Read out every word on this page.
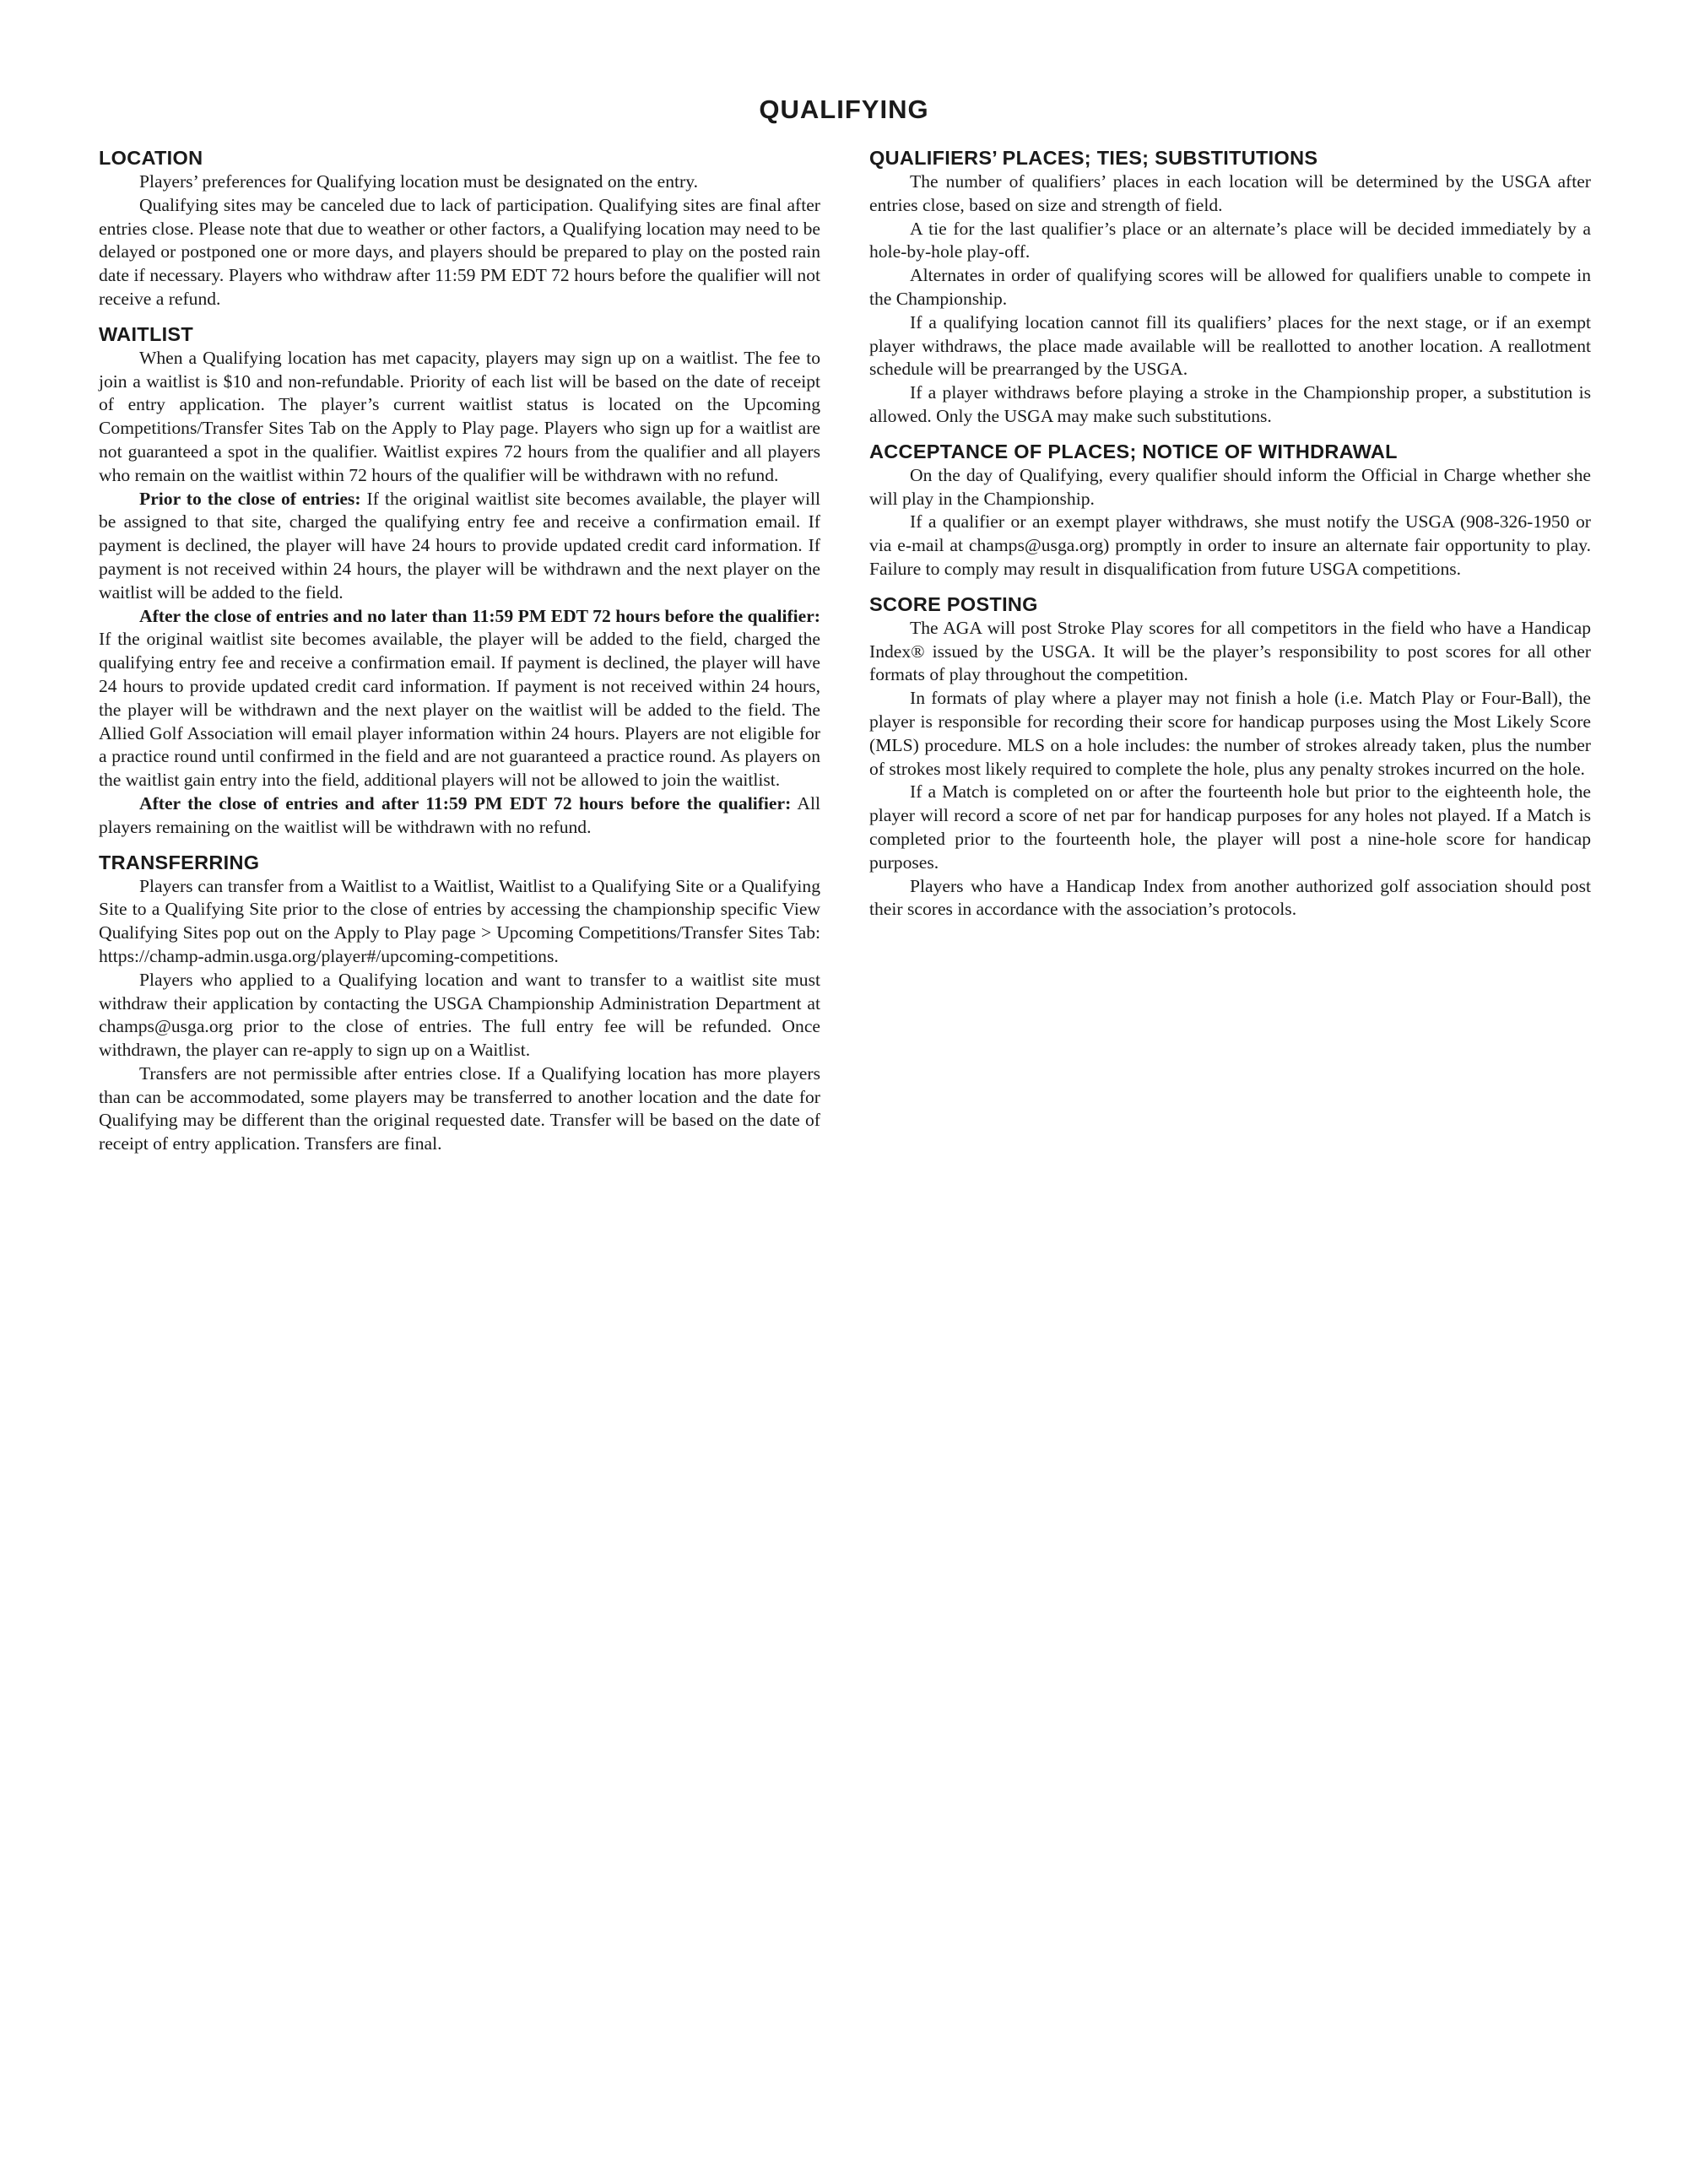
QUALIFYING
LOCATION

Players’ preferences for Qualifying location must be designated on the entry.

Qualifying sites may be canceled due to lack of participation. Qualifying sites are final after entries close. Please note that due to weather or other factors, a Qualifying location may need to be delayed or postponed one or more days, and players should be prepared to play on the posted rain date if necessary. Players who withdraw after 11:59 PM EDT 72 hours before the qualifier will not receive a refund.

WAITLIST

When a Qualifying location has met capacity, players may sign up on a waitlist. The fee to join a waitlist is $10 and non-refundable. Priority of each list will be based on the date of receipt of entry application. The player’s current waitlist status is located on the Upcoming Competitions/Transfer Sites Tab on the Apply to Play page. Players who sign up for a waitlist are not guaranteed a spot in the qualifier. Waitlist expires 72 hours from the qualifier and all players who remain on the waitlist within 72 hours of the qualifier will be withdrawn with no refund.

Prior to the close of entries: If the original waitlist site becomes available, the player will be assigned to that site, charged the qualifying entry fee and receive a confirmation email. If payment is declined, the player will have 24 hours to provide updated credit card information. If payment is not received within 24 hours, the player will be withdrawn and the next player on the waitlist will be added to the field.

After the close of entries and no later than 11:59 PM EDT 72 hours before the qualifier: If the original waitlist site becomes available, the player will be added to the field, charged the qualifying entry fee and receive a confirmation email. If payment is declined, the player will have 24 hours to provide updated credit card information. If payment is not received within 24 hours, the player will be withdrawn and the next player on the waitlist will be added to the field. The Allied Golf Association will email player information within 24 hours. Players are not eligible for a practice round until confirmed in the field and are not guaranteed a practice round. As players on the waitlist gain entry into the field, additional players will not be allowed to join the waitlist.

After the close of entries and after 11:59 PM EDT 72 hours before the qualifier: All players remaining on the waitlist will be withdrawn with no refund.

TRANSFERRING

Players can transfer from a Waitlist to a Waitlist, Waitlist to a Qualifying Site or a Qualifying Site to a Qualifying Site prior to the close of entries by accessing the championship specific View Qualifying Sites pop out on the Apply to Play page > Upcoming Competitions/Transfer Sites Tab: https://champ-admin.usga.org/player#/upcoming-competitions.

Players who applied to a Qualifying location and want to transfer to a waitlist site must withdraw their application by contacting the USGA Championship Administration Department at champs@usga.org prior to the close of entries. The full entry fee will be refunded. Once withdrawn, the player can re-apply to sign up on a Waitlist.

Transfers are not permissible after entries close. If a Qualifying location has more players than can be accommodated, some players may be transferred to another location and the date for Qualifying may be different than the original requested date. Transfer will be based on the date of receipt of entry application. Transfers are final.

QUALIFIERS’ PLACES; TIES; SUBSTITUTIONS

The number of qualifiers’ places in each location will be determined by the USGA after entries close, based on size and strength of field.

A tie for the last qualifier’s place or an alternate’s place will be decided immediately by a hole-by-hole play-off.

Alternates in order of qualifying scores will be allowed for qualifiers unable to compete in the Championship.

If a qualifying location cannot fill its qualifiers’ places for the next stage, or if an exempt player withdraws, the place made available will be reallotted to another location. A reallotment schedule will be prearranged by the USGA.

If a player withdraws before playing a stroke in the Championship proper, a substitution is allowed. Only the USGA may make such substitutions.

ACCEPTANCE OF PLACES; NOTICE OF WITHDRAWAL

On the day of Qualifying, every qualifier should inform the Official in Charge whether she will play in the Championship.

If a qualifier or an exempt player withdraws, she must notify the USGA (908-326-1950 or via e-mail at champs@usga.org) promptly in order to insure an alternate fair opportunity to play. Failure to comply may result in disqualification from future USGA competitions.

SCORE POSTING

The AGA will post Stroke Play scores for all competitors in the field who have a Handicap Index® issued by the USGA. It will be the player’s responsibility to post scores for all other formats of play throughout the competition.

In formats of play where a player may not finish a hole (i.e. Match Play or Four-Ball), the player is responsible for recording their score for handicap purposes using the Most Likely Score (MLS) procedure. MLS on a hole includes: the number of strokes already taken, plus the number of strokes most likely required to complete the hole, plus any penalty strokes incurred on the hole.

If a Match is completed on or after the fourteenth hole but prior to the eighteenth hole, the player will record a score of net par for handicap purposes for any holes not played. If a Match is completed prior to the fourteenth hole, the player will post a nine-hole score for handicap purposes.

Players who have a Handicap Index from another authorized golf association should post their scores in accordance with the association’s protocols.
